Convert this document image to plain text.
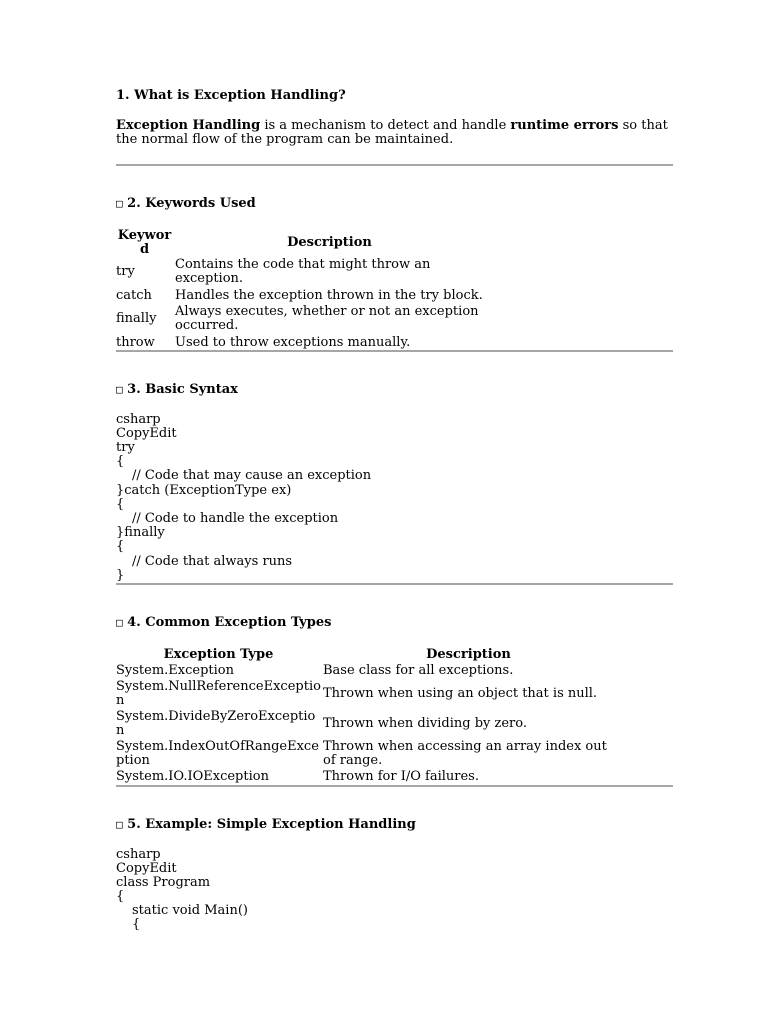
1. What is Exception Handling?
Exception Handling is a mechanism to detect and handle runtime errors so that the normal flow of the program can be maintained.
□ 2. Keywords Used
Keyword	Description
try	Contains the code that might throw an exception.
catch	Handles the exception thrown in the try block.
finally	Always executes, whether or not an exception occurred.
throw	Used to throw exceptions manually.
□ 3. Basic Syntax
csharp
CopyEdit
try
{
// Code that may cause an exception
}catch (ExceptionType ex)
{
// Code to handle the exception
}finally
{
// Code that always runs
}
□ 4. Common Exception Types
Exception Type	Description
System.Exception	Base class for all exceptions.
System.NullReferenceException	Thrown when using an object that is null.
System.DivideByZeroException	Thrown when dividing by zero.
System.IndexOutOfRangeException	Thrown when accessing an array index out of range.
System.IO.IOException	Thrown for I/O failures.
□ 5. Example: Simple Exception Handling
csharp
CopyEdit
class Program
{
static void Main()
{
